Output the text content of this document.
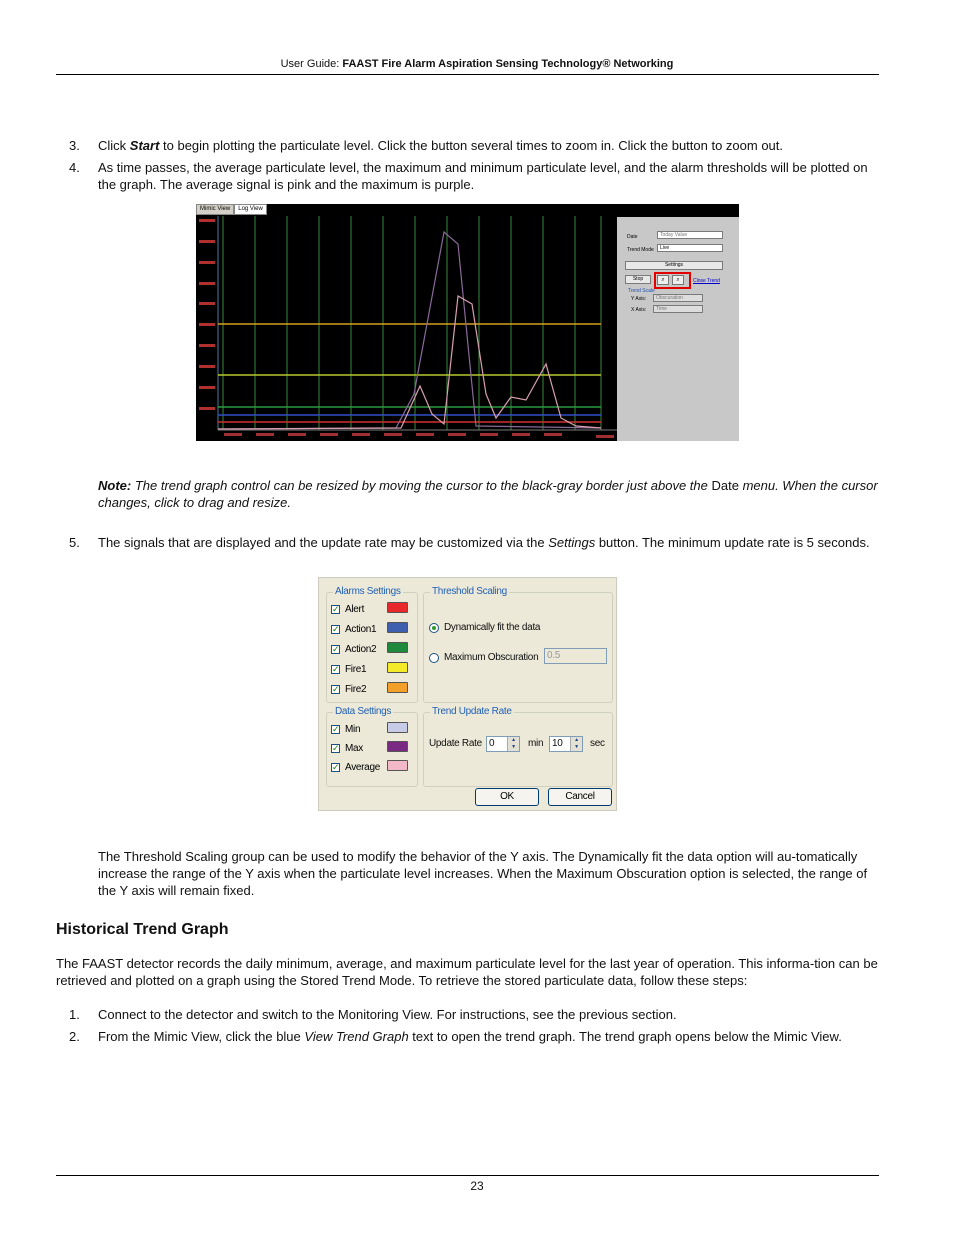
User Guide: FAAST Fire Alarm Aspiration Sensing Technology® Networking
3. Click Start to begin plotting the particulate level. Click the button several times to zoom in. Click the button to zoom out.
4. As time passes, the average particulate level, the maximum and minimum particulate level, and the alarm thresholds will be plotted on the graph. The average signal is pink and the maximum is purple.
Mimic View	Log View
Date	Today Value
Trend Mode	Live
Settings
Stop	⌕	⌕	Close Trend
Trend Scale
Y Axis:	Obscuration
X Axis:	Time
Note: The trend graph control can be resized by moving the cursor to the black-gray border just above the Date menu. When the cursor changes, click to drag and resize.
5. The signals that are displayed and the update rate may be customized via the Settings button. The minimum update rate is 5 seconds.
Alarms Settings
✓ Alert
✓ Action1
✓ Action2
✓ Fire1
✓ Fire2
Threshold Scaling
Dynamically fit the data
Maximum Obscuration 0.5
Data Settings
✓ Min
✓ Max
✓ Average
Trend Update Rate
Update Rate 0	▲
▼	min 10	▲
▼	sec
OK	Cancel
The Threshold Scaling group can be used to modify the behavior of the Y axis. The Dynamically fit the data option will au-tomatically increase the range of the Y axis when the particulate level increases. When the Maximum Obscuration option is selected, the range of the Y axis will remain fixed.
Historical Trend Graph
The FAAST detector records the daily minimum, average, and maximum particulate level for the last year of operation. This informa-tion can be retrieved and plotted on a graph using the Stored Trend Mode. To retrieve the stored particulate data, follow these steps:
1. Connect to the detector and switch to the Monitoring View. For instructions, see the previous section.
2. From the Mimic View, click the blue View Trend Graph text to open the trend graph. The trend graph opens below the Mimic View.
23
